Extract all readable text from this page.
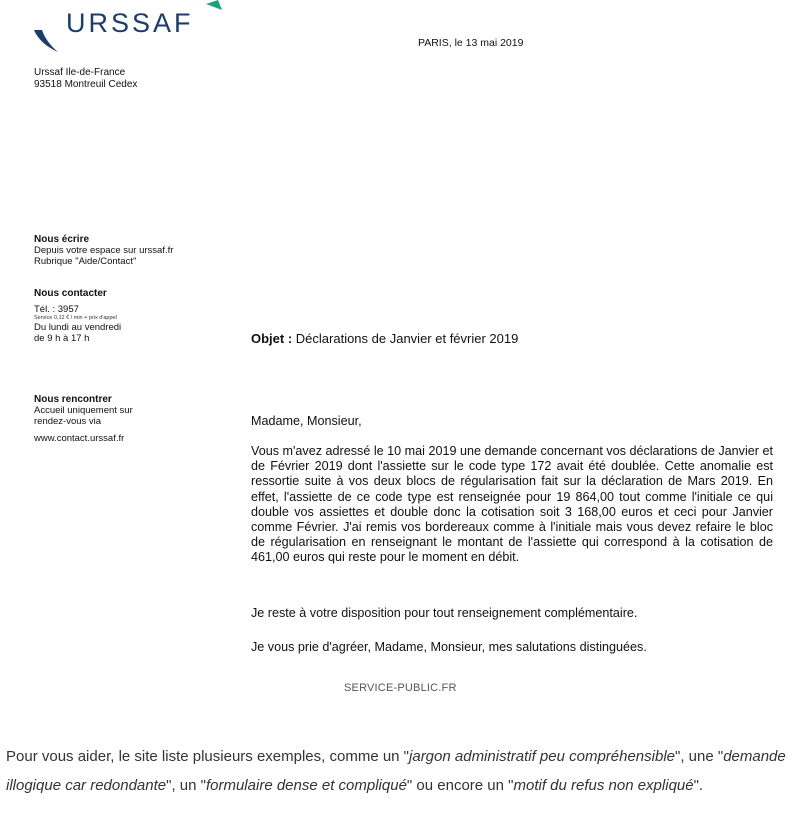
URSSAF
PARIS, le 13 mai 2019
Urssaf Ile-de-France
93518 Montreuil Cedex
Nous écrire
Depuis votre espace sur urssaf.fr
Rubrique "Aide/Contact"
Nous contacter
Tél. : 3957
Service 0,12 € / min + prix d'appel
Du lundi au vendredi
de 9 h à 17 h
Nous rencontrer
Accueil uniquement sur
rendez-vous via
www.contact.urssaf.fr
Objet : Déclarations de Janvier et février 2019
Madame, Monsieur,
Vous m'avez adressé le 10 mai 2019 une demande concernant vos déclarations de Janvier et de Février 2019 dont l'assiette sur le code type 172 avait été doublée. Cette anomalie est ressortie suite à vos deux blocs de régularisation fait sur la déclaration de Mars 2019. En effet, l'assiette de ce code type est renseignée pour 19 864,00 tout comme l'initiale ce qui double vos assiettes et double donc la cotisation soit 3 168,00 euros et ceci pour Janvier comme Février. J'ai remis vos bordereaux comme à l'initiale mais vous devez refaire le bloc de régularisation en renseignant le montant de l'assiette qui correspond à la cotisation de 461,00 euros qui reste pour le moment en débit.
Je reste à votre disposition pour tout renseignement complémentaire.
Je vous prie d'agréer, Madame, Monsieur, mes salutations distinguées.
SERVICE-PUBLIC.FR
Pour vous aider, le site liste plusieurs exemples, comme un "jargon administratif peu compréhensible", une "demande illogique car redondante", un "formulaire dense et compliqué" ou encore un "motif du refus non expliqué".
